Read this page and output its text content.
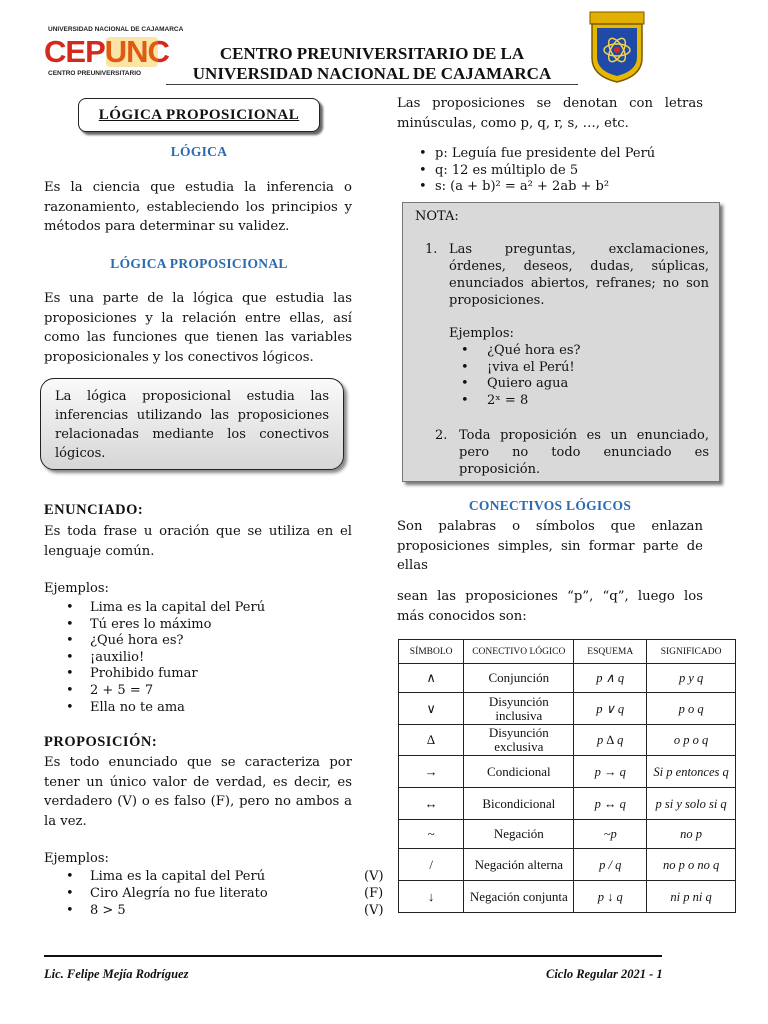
UNIVERSIDAD NACIONAL DE CAJAMARCA
CEPUNC
CENTRO PREUNIVERSITARIO
CENTRO PREUNIVERSITARIO DE LA
UNIVERSIDAD NACIONAL DE CAJAMARCA
LÓGICA PROPOSICIONAL
LÓGICA
Es la ciencia que estudia la inferencia o razonamiento, estableciendo los principios y métodos para determinar su validez.
LÓGICA PROPOSICIONAL
Es una parte de la lógica que estudia las proposiciones y la relación entre ellas, así como las funciones que tienen las variables proposicionales y los conectivos lógicos.
La lógica proposicional estudia las inferencias utilizando las proposiciones relacionadas mediante los conectivos lógicos.
ENUNCIADO:
Es toda frase u oración que se utiliza en el lenguaje común.
Ejemplos:
• Lima es la capital del Perú
• Tú eres lo máximo
• ¿Qué hora es?
• ¡auxilio!
• Prohibido fumar
• 2 + 5 = 7
• Ella no te ama
PROPOSICIÓN:
Es todo enunciado que se caracteriza por tener un único valor de verdad, es decir, es verdadero (V) o es falso (F), pero no ambos a la vez.
Ejemplos:
• Lima es la capital del Perú	(V)
• Ciro Alegría no fue literato	(F)
• 8 > 5	(V)
Las proposiciones se denotan con letras minúsculas, como p, q, r, s, …, etc.
• p: Leguía fue presidente del Perú
• q: 12 es múltiplo de 5
• s: (a + b)² = a² + 2ab + b²
NOTA:
1. Las preguntas, exclamaciones, órdenes, deseos, dudas, súplicas, enunciados abiertos, refranes; no son proposiciones.
Ejemplos:
• ¿Qué hora es?
• ¡viva el Perú!
• Quiero agua
• 2ˣ = 8
2. Toda proposición es un enunciado, pero no todo enunciado es proposición.
CONECTIVOS LÓGICOS
Son palabras o símbolos que enlazan proposiciones simples, sin formar parte de ellas
sean las proposiciones “p”, “q”, luego los más conocidos son:
SÍMBOLO	CONECTIVO LÓGICO	ESQUEMA	SIGNIFICADO
∧	Conjunción	p ∧ q	p y q
∨	Disyunción inclusiva	p ∨ q	p o q
∆	Disyunción exclusiva	p ∆ q	o p o q
→	Condicional	p → q	Si p entonces q
↔	Bicondicional	p ↔ q	p si y solo si q
~	Negación	~p	no p
/	Negación alterna	p / q	no p o no q
↓	Negación conjunta	p ↓ q	ni p ni q
Lic. Felipe Mejía Rodríguez	Ciclo Regular 2021 - 1
